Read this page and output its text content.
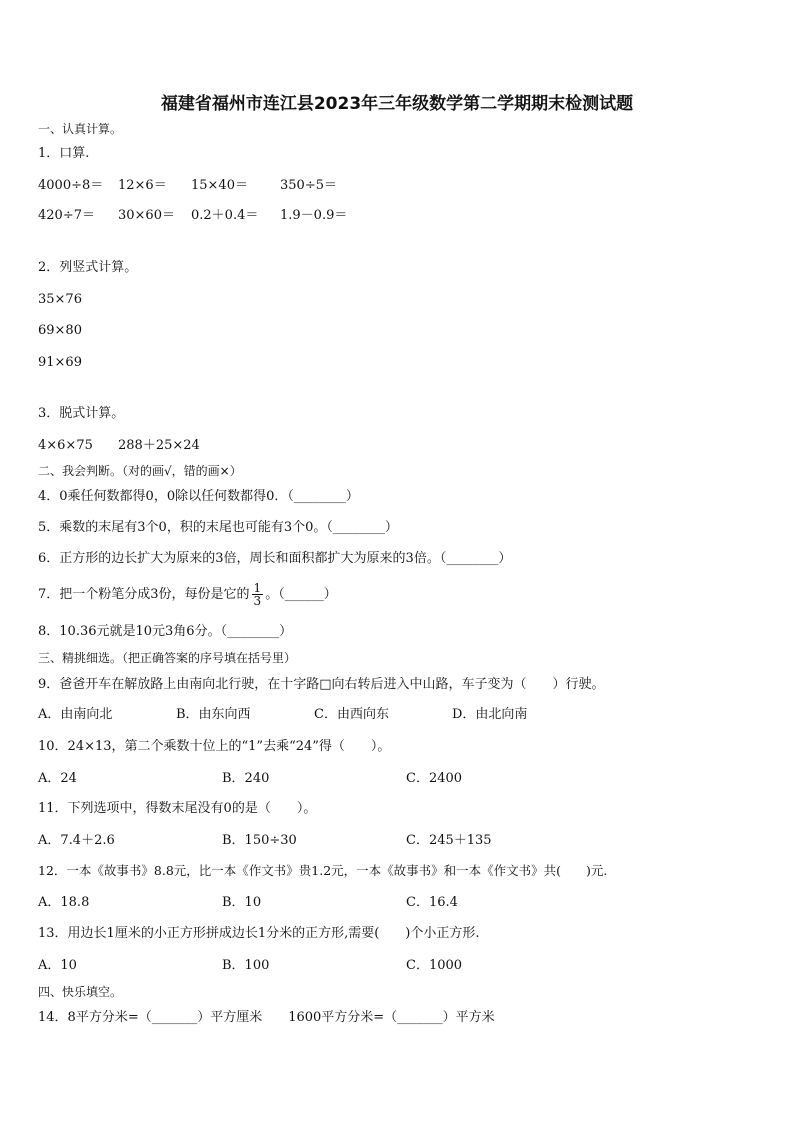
福建省福州市连江县2023年三年级数学第二学期期末检测试题
一、认真计算。
1．口算.
4000÷8＝ 12×6＝ 15×40＝ 350÷5＝
420÷7＝ 30×60＝ 0.2＋0.4＝ 1.9－0.9＝
2．列竖式计算。
35×76
69×80
91×69
3．脱式计算。
4×6×75 288＋25×24
二、我会判断。（对的画√，错的画×）
4．0乘任何数都得0，0除以任何数都得0．（________）
5．乘数的末尾有3个0，积的末尾也可能有3个0。（________）
6．正方形的边长扩大为原来的3倍，周长和面积都扩大为原来的3倍。（________）
7．把一个粉笔分成3份，每份是它的 $\frac{1}{3}$ 。（______）
8．10.36元就是10元3角6分。（________）
三、精挑细选。（把正确答案的序号填在括号里）
9．爸爸开车在解放路上由南向北行驶，在十字路□向右转后进入中山路，车子变为（　　）行驶。
A．由南向北	B．由东向西	C．由西向东	D．由北向南
10．24×13，第二个乘数十位上的“1”去乘“24”得（　　）。
A．24	B．240	C．2400
11．下列选项中，得数末尾没有0的是（　　）。
A．7.4＋2.6	B．150÷30	C．245＋135
12．一本《故事书》8.8元，比一本《作文书》贵1.2元，一本《故事书》和一本《作文书》共(　　)元.
A．18.8	B．10	C．16.4
13．用边长1厘米的小正方形拼成边长1分米的正方形,需要(　　)个小正方形.
A．10	B．100	C．1000
四、快乐填空。
14．8平方分米=（_______）平方厘米　　1600平方分米=（_______）平方米
